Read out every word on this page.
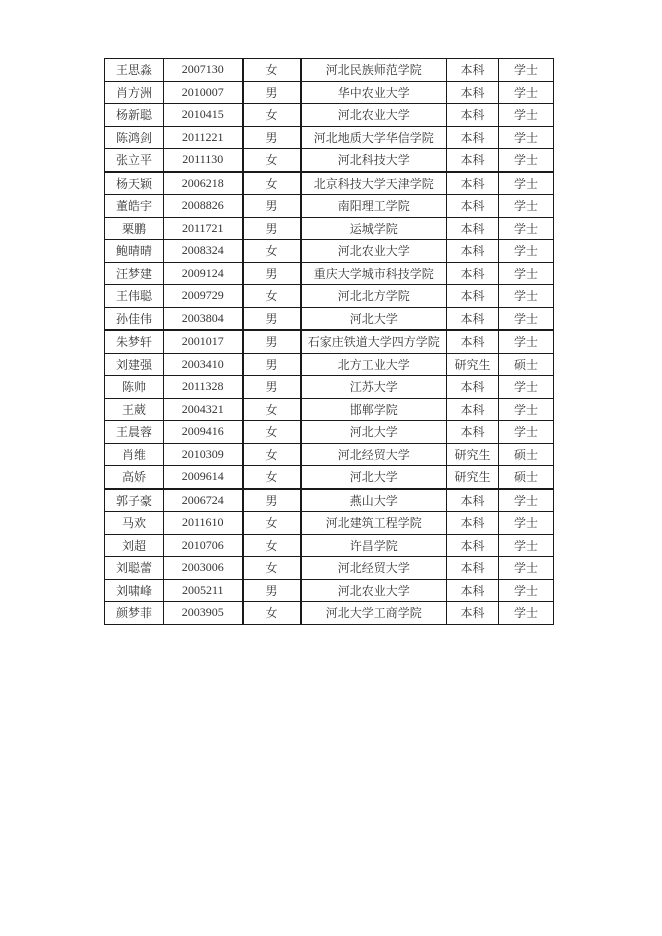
王思淼	2007130	女	河北民族师范学院	本科	学士
肖方洲	2010007	男	华中农业大学	本科	学士
杨新聪	2010415	女	河北农业大学	本科	学士
陈鸿剑	2011221	男	河北地质大学华信学院	本科	学士
张立平	2011130	女	河北科技大学	本科	学士
杨天颖	2006218	女	北京科技大学天津学院	本科	学士
董皓宇	2008826	男	南阳理工学院	本科	学士
栗鹏	2011721	男	运城学院	本科	学士
鲍晴晴	2008324	女	河北农业大学	本科	学士
汪梦建	2009124	男	重庆大学城市科技学院	本科	学士
王伟聪	2009729	女	河北北方学院	本科	学士
孙佳伟	2003804	男	河北大学	本科	学士
朱梦轩	2001017	男	石家庄铁道大学四方学院	本科	学士
刘建强	2003410	男	北方工业大学	研究生	硕士
陈帅	2011328	男	江苏大学	本科	学士
王葳	2004321	女	邯郸学院	本科	学士
王晨蓉	2009416	女	河北大学	本科	学士
肖维	2010309	女	河北经贸大学	研究生	硕士
高娇	2009614	女	河北大学	研究生	硕士
郭子豪	2006724	男	燕山大学	本科	学士
马欢	2011610	女	河北建筑工程学院	本科	学士
刘超	2010706	女	许昌学院	本科	学士
刘聪蕾	2003006	女	河北经贸大学	本科	学士
刘啸峰	2005211	男	河北农业大学	本科	学士
颜梦菲	2003905	女	河北大学工商学院	本科	学士
